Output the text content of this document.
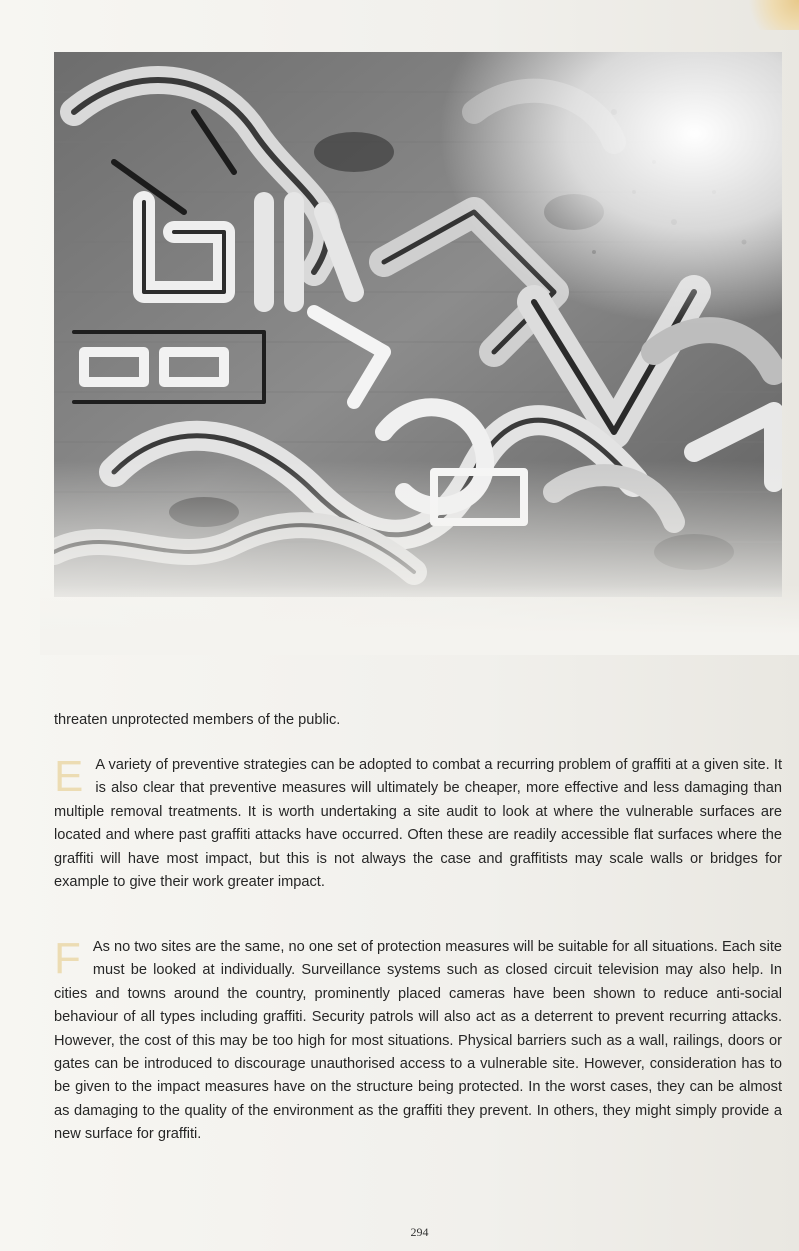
threaten unprotected members of the public.
E A variety of preventive strategies can be adopted to combat a recurring problem of graffiti at a given site. It is also clear that preventive measures will ultimately be cheaper, more effective and less damaging than multiple removal treatments. It is worth undertaking a site audit to look at where the vulnerable surfaces are located and where past graffiti attacks have occurred. Often these are readily accessible flat surfaces where the graffiti will have most impact, but this is not always the case and graffitists may scale walls or bridges for example to give their work greater impact.
F As no two sites are the same, no one set of protection measures will be suitable for all situations. Each site must be looked at individually. Surveillance systems such as closed circuit television may also help. In cities and towns around the country, prominently placed cameras have been shown to reduce anti-social behaviour of all types including graffiti. Security patrols will also act as a deterrent to prevent recurring attacks. However, the cost of this may be too high for most situations. Physical barriers such as a wall, railings, doors or gates can be introduced to discourage unauthorised access to a vulnerable site. However, consideration has to be given to the impact measures have on the structure being protected. In the worst cases, they can be almost as damaging to the quality of the environment as the graffiti they prevent. In others, they might simply provide a new surface for graffiti.
294
